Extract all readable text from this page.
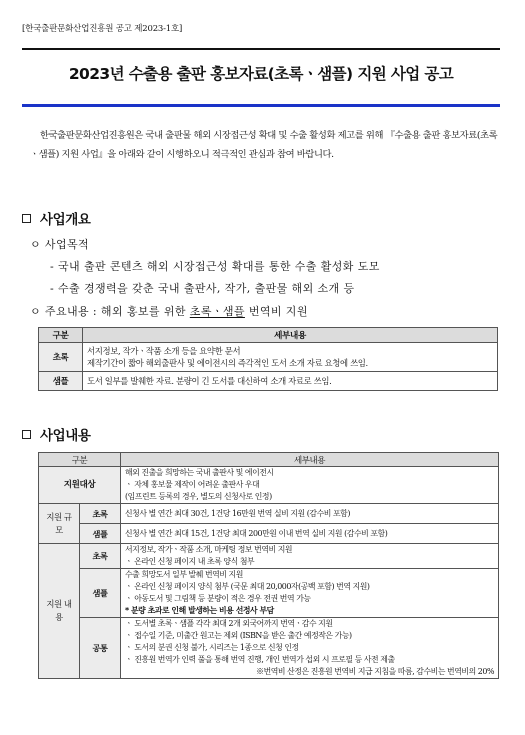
[한국출판문화산업진흥원 공고 제2023-1호]
2023년 수출용 출판 홍보자료(초록ㆍ샘플) 지원 사업 공고

한국출판문화산업진흥원은 국내 출판물 해외 시장접근성 확대 및 수출 활성화 제고를 위해 『수출용 출판 홍보자료(초록ㆍ샘플) 지원 사업』을 아래와 같이 시행하오니 적극적인 관심과 참여 바랍니다.

사업개요
ㅇ 사업목적
- 국내 출판 콘텐츠 해외 시장접근성 확대를 통한 수출 활성화 도모
- 수출 경쟁력을 갖춘 국내 출판사, 작가, 출판물 해외 소개 등
ㅇ 주요내용 : 해외 홍보를 위한 초록ㆍ샘플 번역비 지원
구분	세부내용
초록	서지정보, 작가ㆍ작품 소개 등을 요약한 문서
제작기간이 짧아 해외출판사 및 에이전시의 즉각적인 도서 소개 자료 요청에 쓰임.

샘플	도서 일부를 발췌한 자료. 분량이 긴 도서를 대신하여 소개 자료로 쓰임.
사업내용
구분		세부내용
지원대상		해외 진출을 희망하는 국내 출판사 및 에이전시
ㆍ 자체 홍보물 제작이 어려운 출판사 우대
(임프린트 등록의 경우, 별도의 신청사로 인정)

지원 규모	초록	신청사 별 연간 최대 30건, 1건당 16만원 번역 실비 지원 (감수비 포함)

	샘플	신청사 별 연간 최대 15건, 1건당 최대 200만원 이내 번역 실비 지원 (감수비 포함)

지원 내용	초록	서지정보, 작가ㆍ작품 소개, 마케팅 정보 번역비 지원
ㆍ 온라인 신청 페이지 내 초록 양식 첨부

	샘플	수출 희망도서 일부 발췌 번역비 지원
ㆍ 온라인 신청 페이지 양식 첨부 (국문 최대 20,000자(공백 포함) 번역 지원)
ㆍ 아동도서 및 그림책 등 분량이 적은 경우 전권 번역 가능
* 분량 초과로 인해 발생하는 비용 선정사 부담

	공통	ㆍ 도서별 초록ㆍ샘플 각각 최대 2개 외국어까지 번역ㆍ감수 지원
ㆍ 접수일 기준, 미출간 원고는 제외 (ISBN을 받은 출간 예정작은 가능)
ㆍ 도서의 분권 신청 불가, 시리즈는 1종으로 신청 인정
ㆍ 진흥원 번역가 인력 풀을 통해 번역 진행, 개인 번역가 섭외 시 프로필 등 사전 제출
※번역비 산정은 진흥원 번역비 지급 지침을 따름, 감수비는 번역비의 20%
